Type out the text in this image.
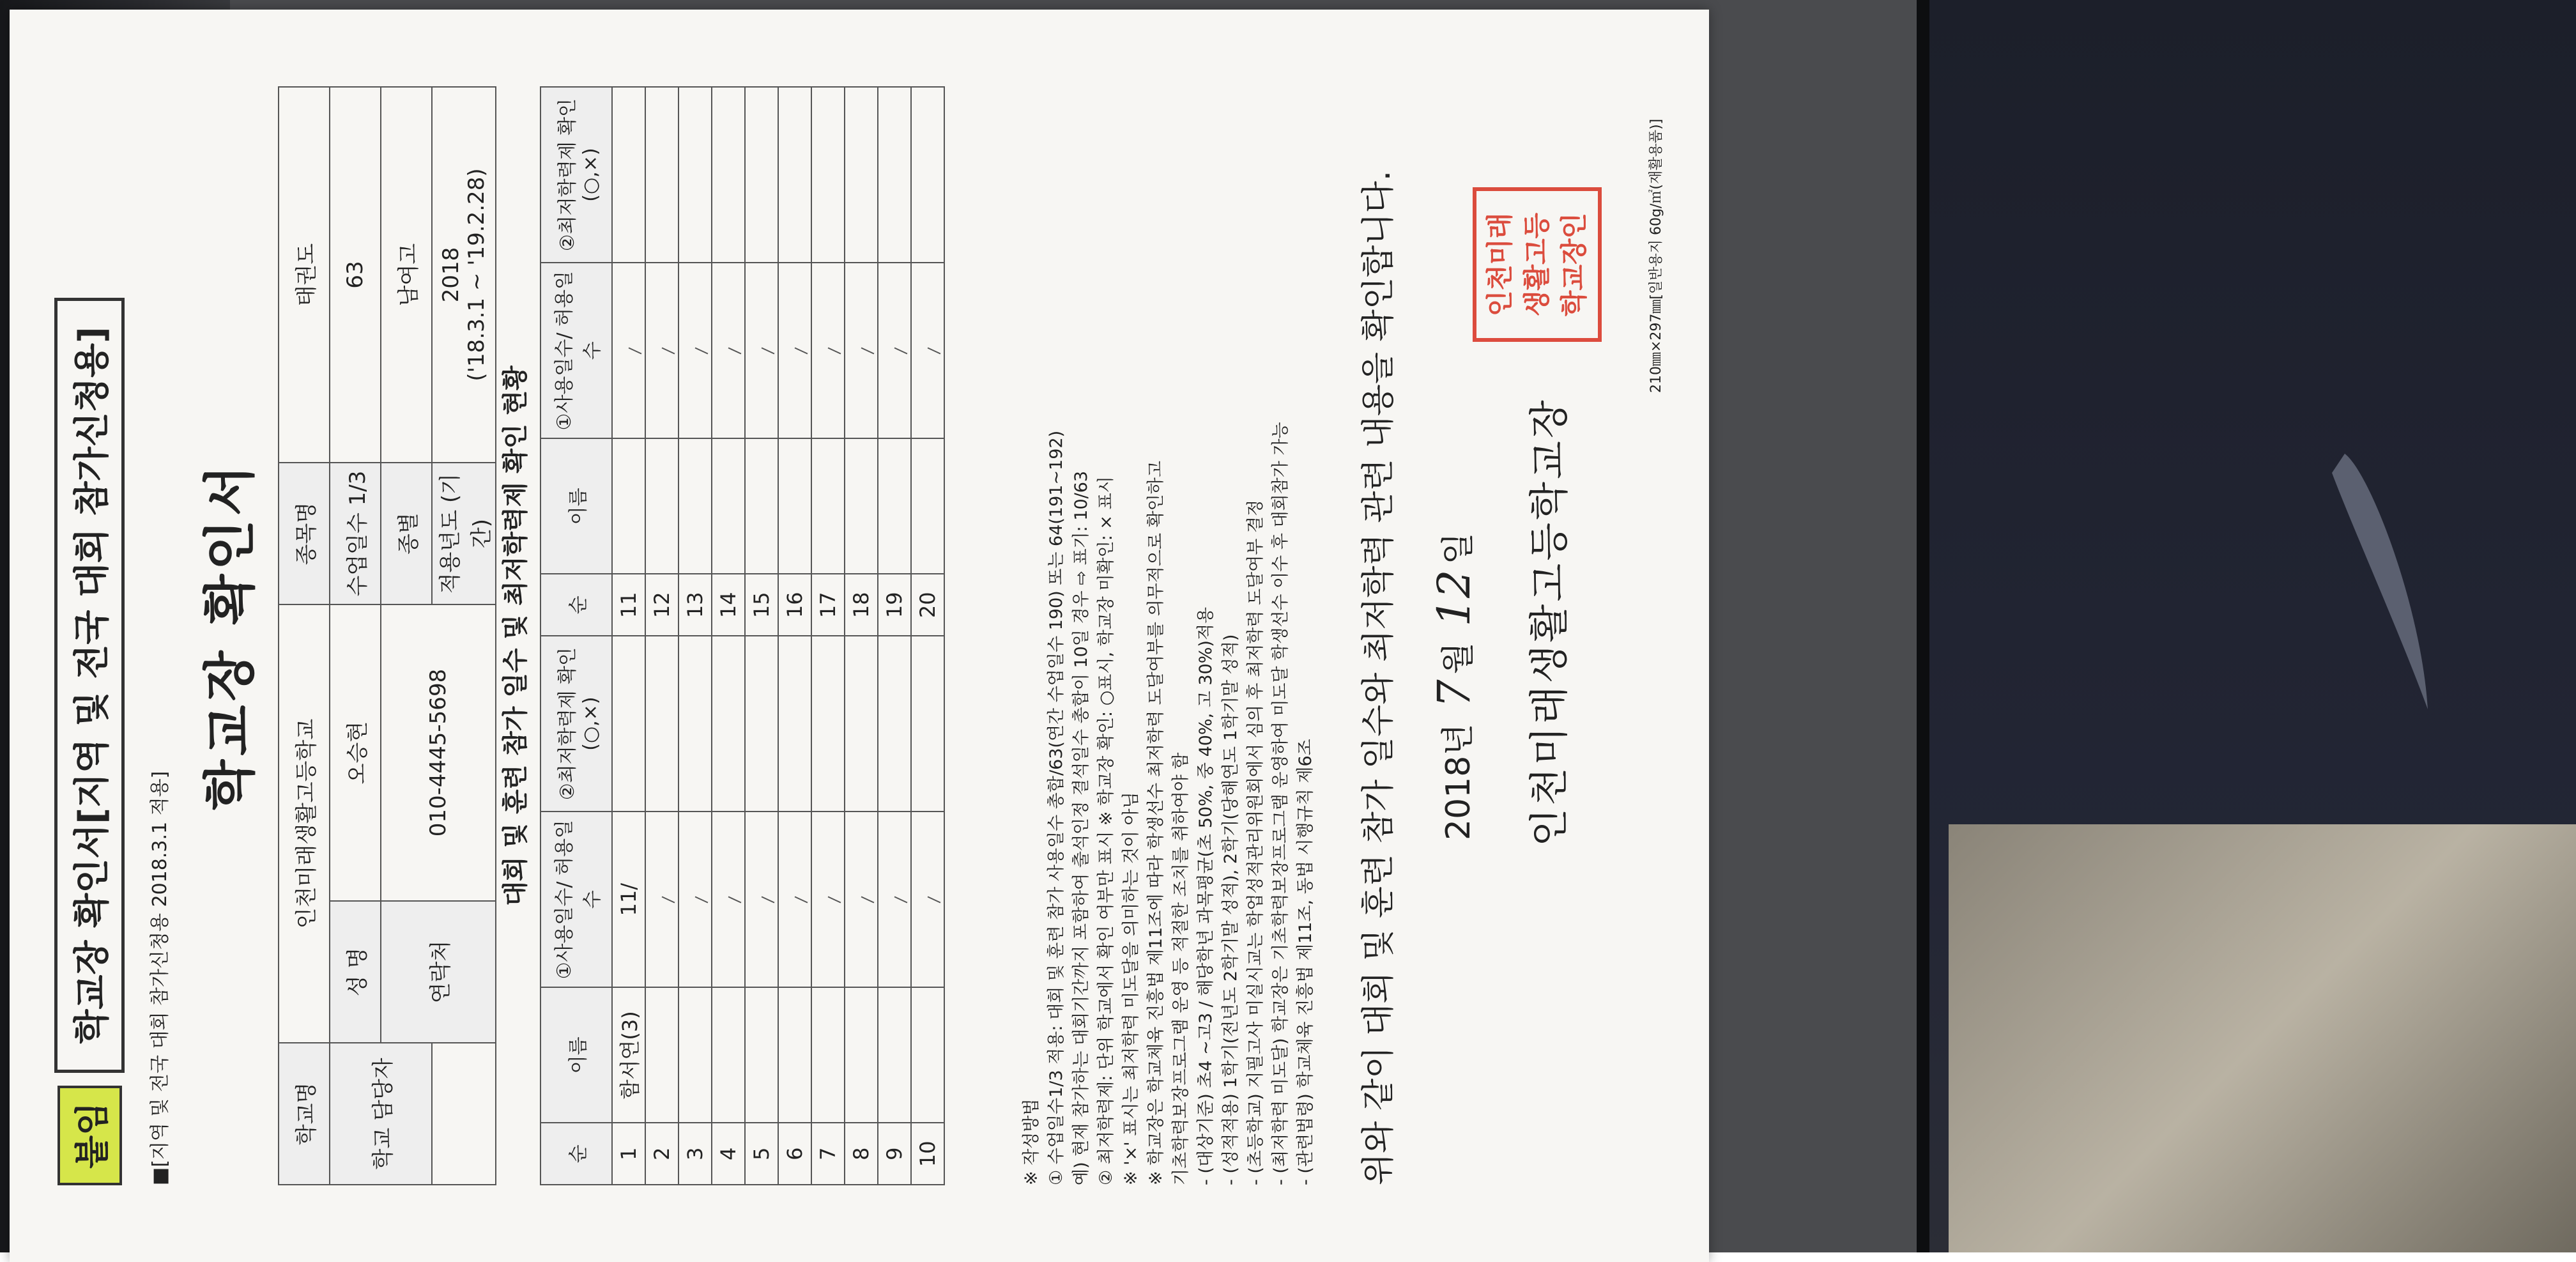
붙임
학교장 확인서[지역 및 전국 대회 참가신청용]	■[지역 및 전국 대회 참가신청용 2018.3.1 적용]
학교장 확인서
학교명	인천미래생활고등학교		종목명	태권도
학교 담당자	성 명	오승현	수업일수 1/3	63
	연락처	010-4445-5698	종별	남여고
			적용년도 (기간)	2018 ('18.3.1 ~ '19.2.28)
대회 및 훈련 참가 일수 및 최저학력제 확인 현황
순	이름	①사용일수/ 허용일수	②최저학력제 확인(○,×)	순	이름	①사용일수/ 허용일수	②최저학력제 확인(○,×)
1	함서연(3)	11/		11			
2				12			
3				13			
4				14			
5				15			
6				16			
7				17			
8				18			
9				19			
10				20			
※ 작성방법 ① 수업일수1/3 적용: 대회 및 훈련 참가 사용일수 총합/63(연간 수업일수 190) 또는 64(191~192) 예) 현재 참가하는 대회기간까지 포함하여 출석인정 결석일수 총합이 10일 경우 ⇨ 표기: 10/63 ② 최저학력제: 단위 학교에서 확인 여부만 표시 ※ 학교장 확인: ○표시, 학교장 미확인: × 표시 ※ '×' 표시는 최저학력 미도달을 의미하는 것이 아님 ※ 학교장은 학교체육 진흥법 제11조에 따라 학생선수 최저학력 도달여부를 의무적으로 확인하고 기초학력보장프로그램 운영 등 적절한 조치를 취하여야 함 - (대상기준) 초4 ~고3 / 해당학년 과목평균(초 50%, 중 40%, 고 30%)적용 - (성적적용) 1학기(전년도 2학기말 성적), 2학기(당해연도 1학기말 성적) - (초등학교) 지필고사 미실시교는 학업성적관리위원회에서 심의 후 최저학력 도달여부 결정 - (최저학력 미도달) 학교장은 기초학력보장프로그램 운영하여 미도달 학생선수 이수 후 대회참가 가능 - (관련법령) 학교체육 진흥법 제11조, 동법 시행규칙 제6조 위와 같이 대회 및 훈련 참가 일수와 최저학력 관련 내용을 확인합니다.	2018년 7월 12일 인천미래생활고등학교장
인천미래 생활고등 학교장인	210㎜×297㎜[일반용지 60g/㎡(재활용품)]
